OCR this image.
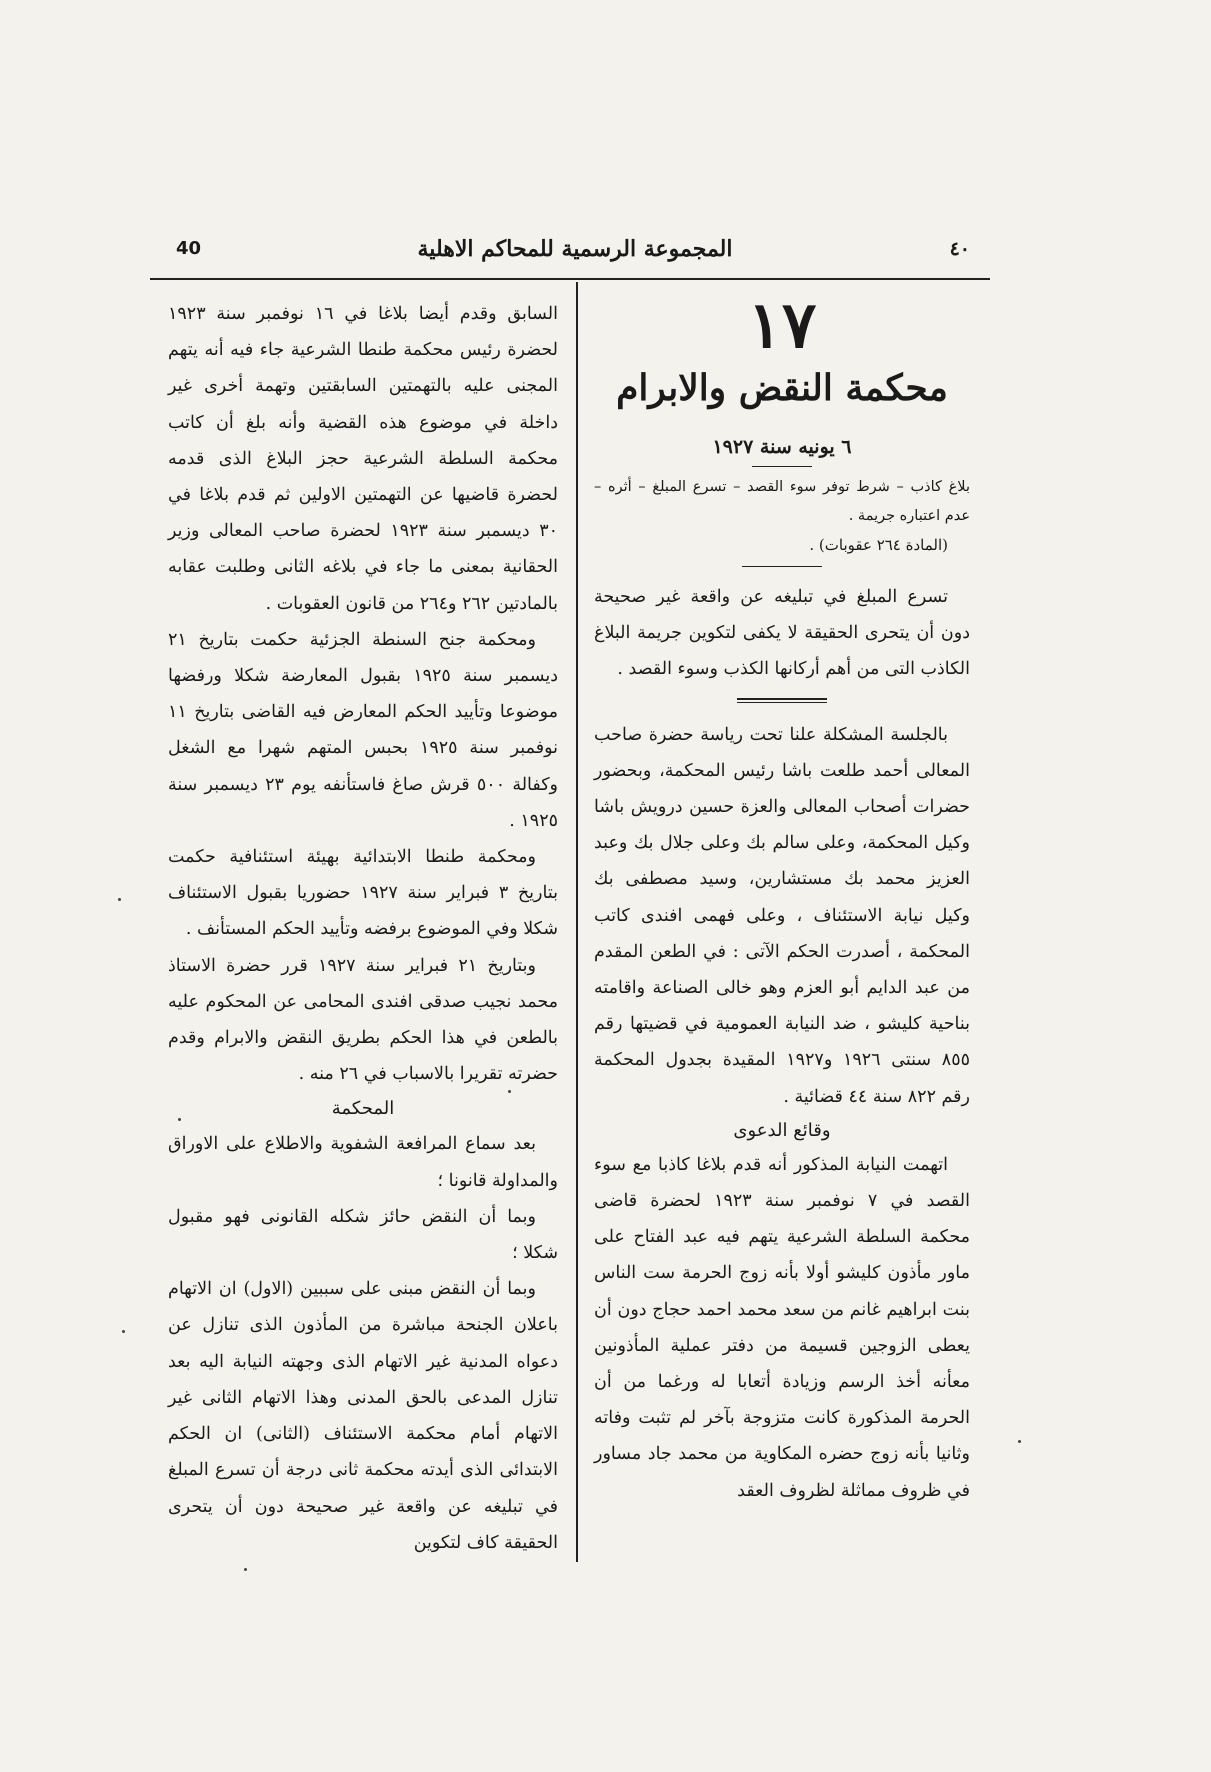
40	المجموعة الرسمية للمحاكم الاهلية	٤٠
١٧
محكمة النقض والابرام
٦ يونيه سنة ١٩٢٧

بلاغ كاذب – شرط توفر سوء القصد – تسرع المبلغ – أثره – عدم اعتباره جريمة .

(المادة ٢٦٤ عقوبات) .

تسرع المبلغ في تبليغه عن واقعة غير صحيحة دون أن يتحرى الحقيقة لا يكفى لتكوين جريمة البلاغ الكاذب التى من أهم أركانها الكذب وسوء القصد .

بالجلسة المشكلة علنا تحت رياسة حضرة صاحب المعالى أحمد طلعت باشا رئيس المحكمة، وبحضور حضرات أصحاب المعالى والعزة حسين درويش باشا وكيل المحكمة، وعلى سالم بك وعلى جلال بك وعبد العزيز محمد بك مستشارين، وسيد مصطفى بك وكيل نيابة الاستئناف ، وعلى فهمى افندى كاتب المحكمة ، أصدرت الحكم الآتى : في الطعن المقدم من عبد الدايم أبو العزم وهو خالى الصناعة واقامته بناحية كليشو ، ضد النيابة العمومية في قضيتها رقم ٨٥٥ سنتى ١٩٢٦ و١٩٢٧ المقيدة بجدول المحكمة رقم ٨٢٢ سنة ٤٤ قضائية .

وقائع الدعوى

اتهمت النيابة المذكور أنه قدم بلاغا كاذبا مع سوء القصد في ٧ نوفمبر سنة ١٩٢٣ لحضرة قاضى محكمة السلطة الشرعية يتهم فيه عبد الفتاح على ماور مأذون كليشو أولا بأنه زوج الحرمة ست الناس بنت ابراهيم غانم من سعد محمد احمد حجاج دون أن يعطى الزوجين قسيمة من دفتر عملية المأذونين معأنه أخذ الرسم وزيادة أتعابا له ورغما من أن الحرمة المذكورة كانت متزوجة بآخر لم تثبت وفاته وثانيا بأنه زوج حضره المكاوية من محمد جاد مساور في ظروف مماثلة لظروف العقد

السابق وقدم أيضا بلاغا في ١٦ نوفمبر سنة ١٩٢٣ لحضرة رئيس محكمة طنطا الشرعية جاء فيه أنه يتهم المجنى عليه بالتهمتين السابقتين وتهمة أخرى غير داخلة في موضوع هذه القضية وأنه بلغ أن كاتب محكمة السلطة الشرعية حجز البلاغ الذى قدمه لحضرة قاضيها عن التهمتين الاولين ثم قدم بلاغا في ٣٠ ديسمبر سنة ١٩٢٣ لحضرة صاحب المعالى وزير الحقانية بمعنى ما جاء في بلاغه الثانى وطلبت عقابه بالمادتين ٢٦٢ و٢٦٤ من قانون العقوبات .

ومحكمة جنح السنطة الجزئية حكمت بتاريخ ٢١ ديسمبر سنة ١٩٢٥ بقبول المعارضة شكلا ورفضها موضوعا وتأييد الحكم المعارض فيه القاضى بتاريخ ١١ نوفمبر سنة ١٩٢٥ بحبس المتهم شهرا مع الشغل وكفالة ٥٠٠ قرش صاغ فاستأنفه يوم ٢٣ ديسمبر سنة ١٩٢٥ .

ومحكمة طنطا الابتدائية بهيئة استئنافية حكمت بتاريخ ٣ فبراير سنة ١٩٢٧ حضوريا بقبول الاستئناف شكلا وفي الموضوع برفضه وتأييد الحكم المستأنف .

وبتاريخ ٢١ فبراير سنة ١٩٢٧ قرر حضرة الاستاذ محمد نجيب صدقى افندى المحامى عن المحكوم عليه بالطعن في هذا الحكم بطريق النقض والابرام وقدم حضرته تقريرا بالاسباب في ٢٦ منه .

المحكمة

بعد سماع المرافعة الشفوية والاطلاع على الاوراق والمداولة قانونا ؛

وبما أن النقض حائز شكله القانونى فهو مقبول شكلا ؛

وبما أن النقض مبنى على سببين (الاول) ان الاتهام باعلان الجنحة مباشرة من المأذون الذى تنازل عن دعواه المدنية غير الاتهام الذى وجهته النيابة اليه بعد تنازل المدعى بالحق المدنى وهذا الاتهام الثانى غير الاتهام أمام محكمة الاستئناف (الثانى) ان الحكم الابتدائى الذى أيدته محكمة ثانى درجة أن تسرع المبلغ في تبليغه عن واقعة غير صحيحة دون أن يتحرى الحقيقة كاف لتكوين
